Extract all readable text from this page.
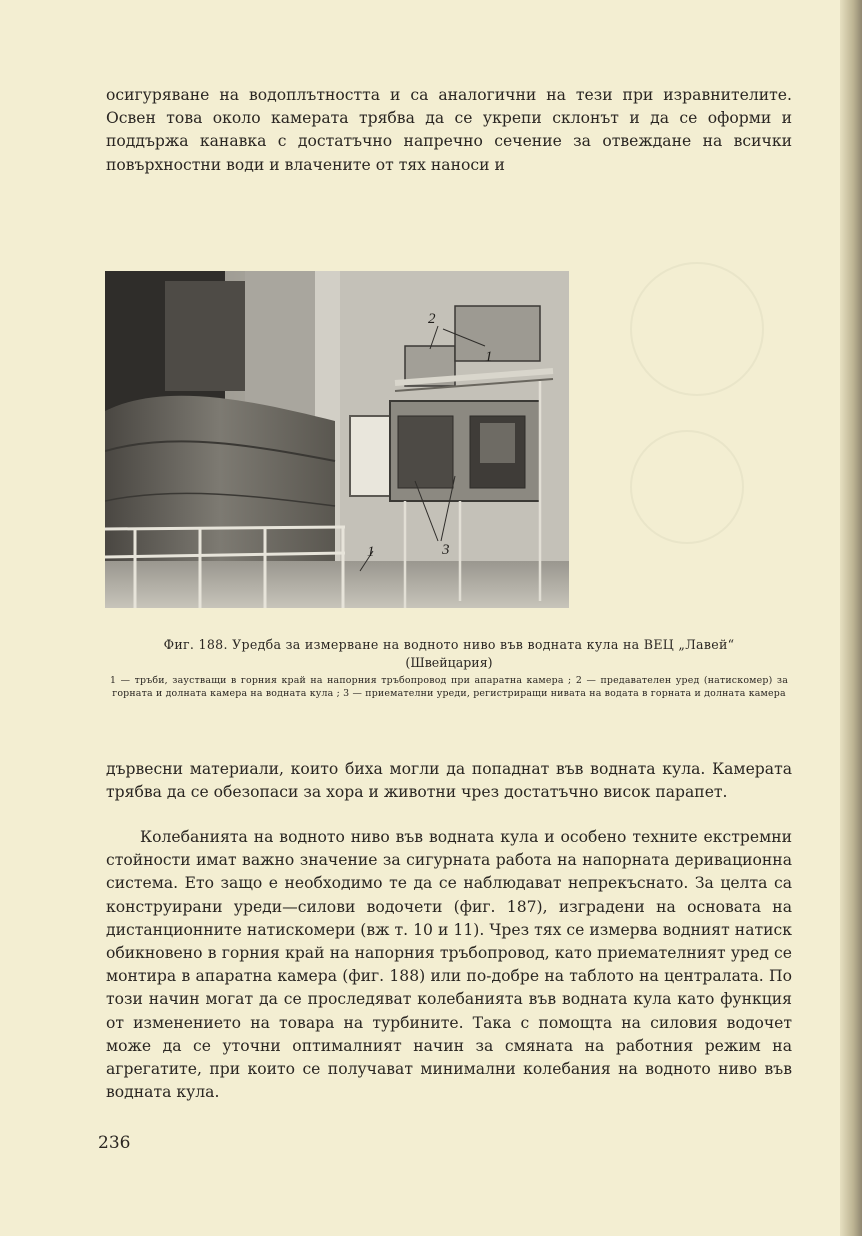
осигуряване на водоплътността и са аналогични на тези при изравнителите. Освен това около камерата трябва да се укрепи склонът и да се оформи и поддържа канавка с достатъчно напречно сечение за отвеждане на всички повърхностни води и влачените от тях наноси и

2
1
3
1

Фиг. 188. Уредба за измерване на водното ниво във водната кула на ВЕЦ „Лавей“

(Швейцария)

1 — тръби, заустващи в горния край на напорния тръбопровод при апаратна камера ; 2 — предавателен уред (натискомер) за горната и долната камера на водната кула ; 3 — приемателни уреди, регистриращи нивата на водата в горната и долната камера

дървесни материали, които биха могли да попаднат във водната кула. Камерата трябва да се обезопаси за хора и животни чрез достатъчно висок парапет.

Колебанията на водното ниво във водната кула и особено техните екстремни стойности имат важно значение за сигурната работа на напорната деривационна система. Ето защо е необходимо те да се наблюдават непрекъснато. За целта са конструирани уреди—силови водочети (фиг. 187), изградени на основата на дистанционните натискомери (вж т. 10 и 11). Чрез тях се измерва водният натиск обикновено в горния край на напорния тръбопровод, като приемателният уред се монтира в апаратна камера (фиг. 188) или по-добре на таблото на централата. По този начин могат да се проследяват колебанията във водната кула като функция от изменението на товара на турбините. Така с помощта на силовия водочет може да се уточни оптималният начин за смяната на работния режим на агрегатите, при които се получават минимални колебания на водното ниво във водната кула.

236
